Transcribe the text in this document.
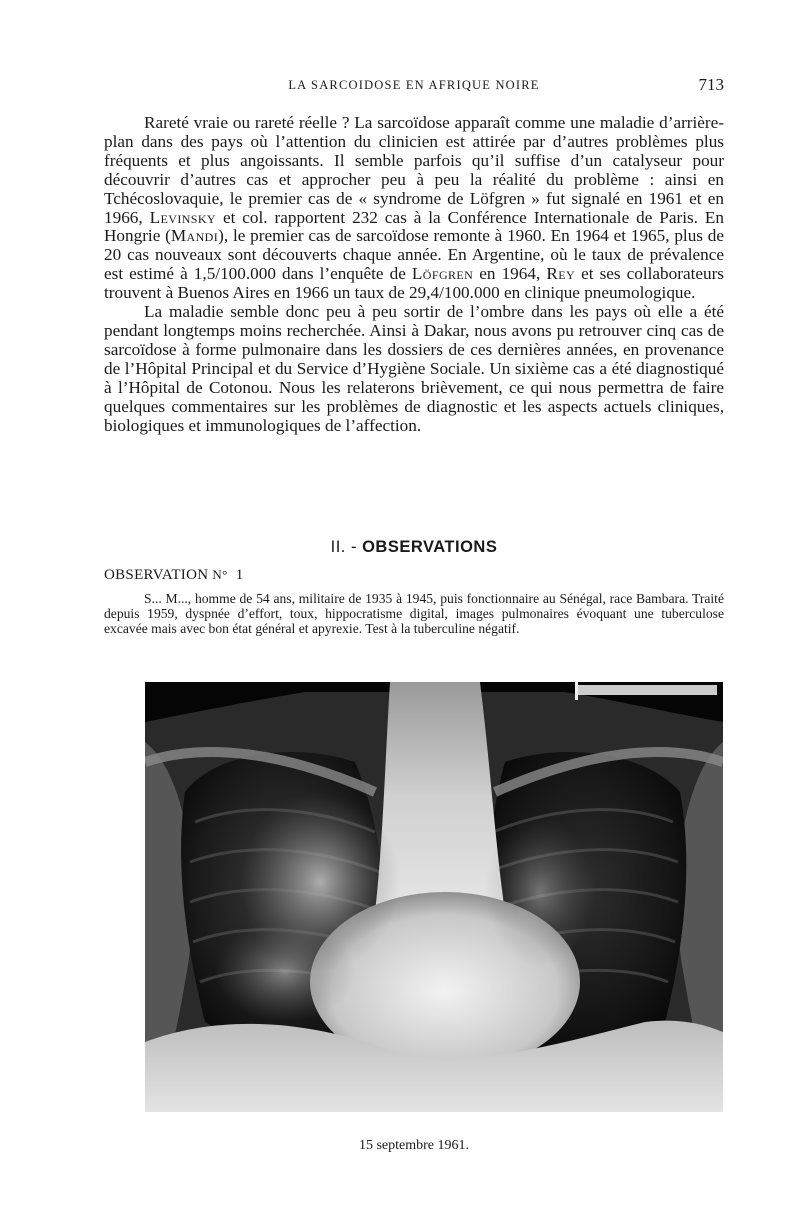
LA SARCOIDOSE EN AFRIQUE NOIRE	713

Rareté vraie ou rareté réelle ? La sarcoïdose apparaît comme une maladie d’arrière-plan dans des pays où l’attention du clinicien est attirée par d’autres problèmes plus fréquents et plus angoissants. Il semble parfois qu’il suffise d’un catalyseur pour découvrir d’autres cas et approcher peu à peu la réalité du problème : ainsi en Tchécoslovaquie, le premier cas de « syndrome de Löfgren » fut signalé en 1961 et en 1966, Levinsky et col. rapportent 232 cas à la Conférence Internationale de Paris. En Hongrie (Mandi), le premier cas de sarcoïdose remonte à 1960. En 1964 et 1965, plus de 20 cas nouveaux sont découverts chaque année. En Argentine, où le taux de prévalence est estimé à 1,5/100.000 dans l’enquête de Löfgren en 1964, Rey et ses collaborateurs trouvent à Buenos Aires en 1966 un taux de 29,4/100.000 en clinique pneumologique.

La maladie semble donc peu à peu sortir de l’ombre dans les pays où elle a été pendant longtemps moins recherchée. Ainsi à Dakar, nous avons pu retrouver cinq cas de sarcoïdose à forme pulmonaire dans les dossiers de ces dernières années, en provenance de l’Hôpital Principal et du Service d’Hygiène Sociale. Un sixième cas a été diagnostiqué à l’Hôpital de Cotonou. Nous les relaterons brièvement, ce qui nous permettra de faire quelques commentaires sur les problèmes de diagnostic et les aspects actuels cliniques, biologiques et immunologiques de l’affection.

II. - OBSERVATIONS
OBSERVATION N° 1

S... M..., homme de 54 ans, militaire de 1935 à 1945, puis fonctionnaire au Sénégal, race Bambara. Traité depuis 1959, dyspnée d’effort, toux, hippocratisme digital, images pulmonaires évoquant une tuberculose excavée mais avec bon état général et apyrexie. Test à la tuberculine négatif.

15 septembre 1961.
